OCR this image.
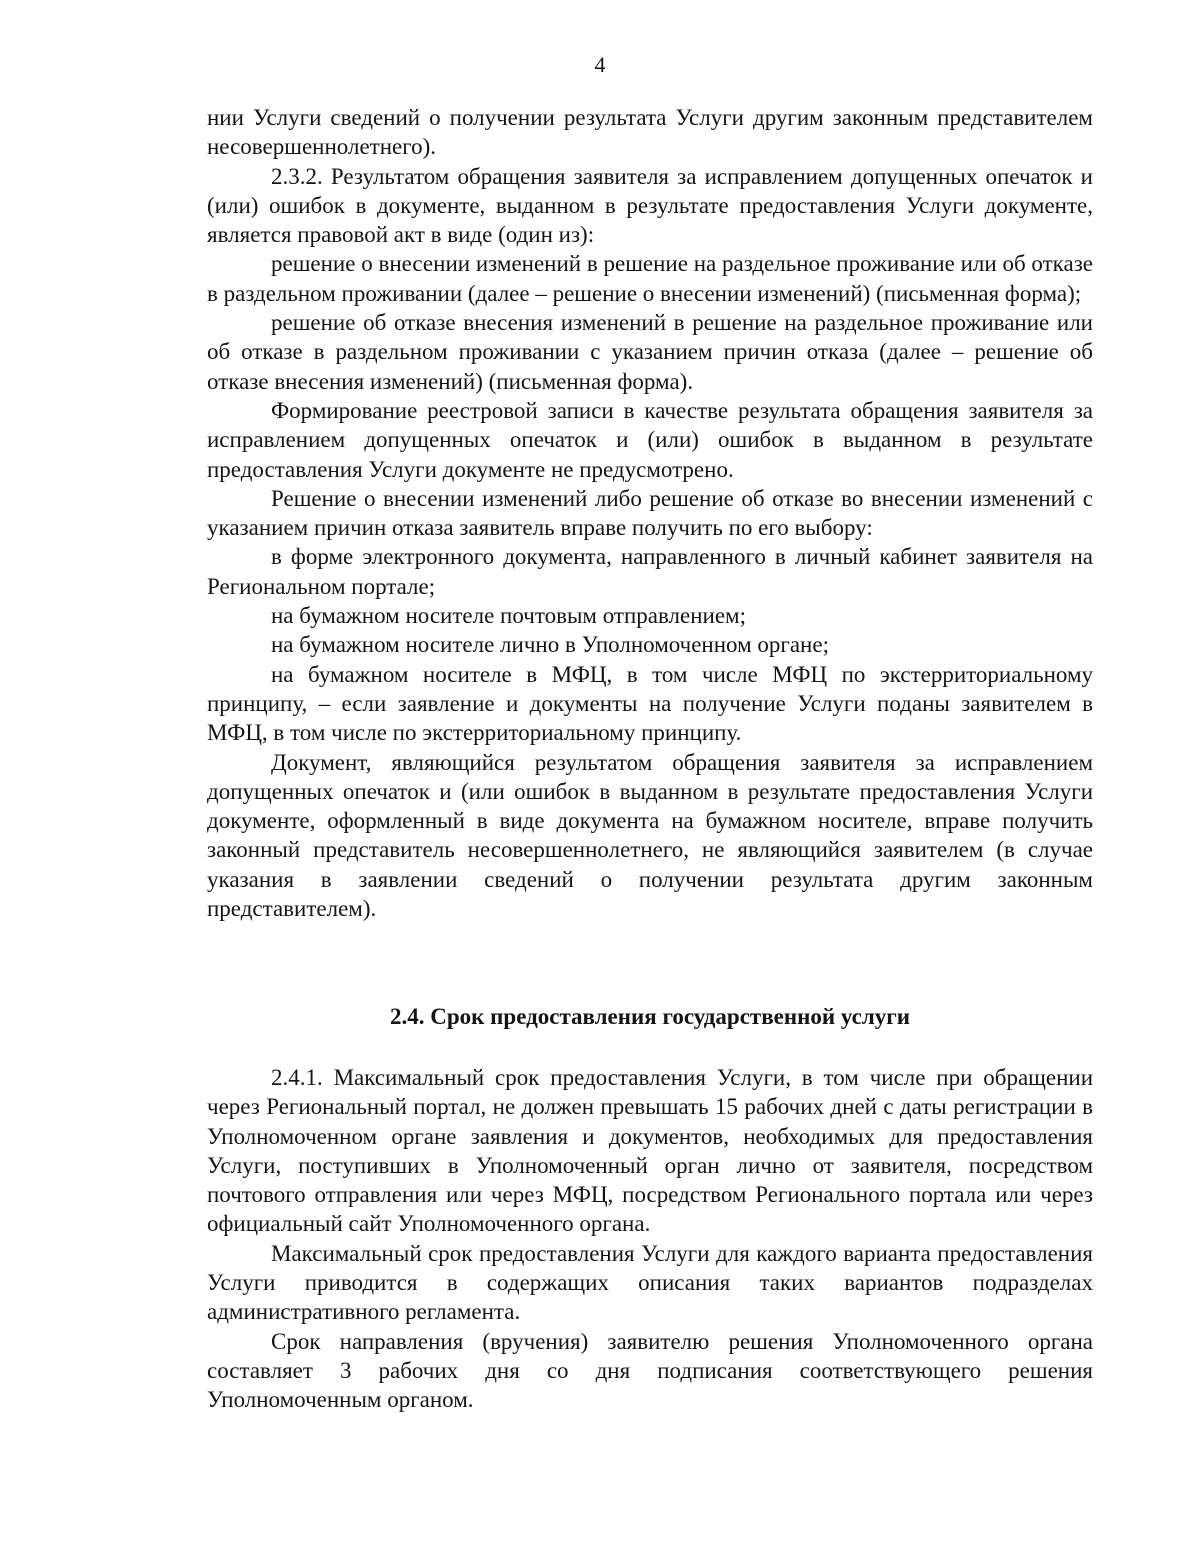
4

нии Услуги сведений о получении результата Услуги другим законным представителем несовершеннолетнего).

2.3.2. Результатом обращения заявителя за исправлением допущенных опечаток и (или) ошибок в документе, выданном в результате предоставления Услуги документе, является правовой акт в виде (один из):

решение о внесении изменений в решение на раздельное проживание или об отказе в раздельном проживании (далее – решение о внесении изменений) (письменная форма);

решение об отказе внесения изменений в решение на раздельное проживание или об отказе в раздельном проживании с указанием причин отказа (далее – решение об отказе внесения изменений) (письменная форма).

Формирование реестровой записи в качестве результата обращения заявителя за исправлением допущенных опечаток и (или) ошибок в выданном в результате предоставления Услуги документе не предусмотрено.

Решение о внесении изменений либо решение об отказе во внесении изменений с указанием причин отказа заявитель вправе получить по его выбору:

в форме электронного документа, направленного в личный кабинет заявителя на Региональном портале;

на бумажном носителе почтовым отправлением;

на бумажном носителе лично в Уполномоченном органе;

на бумажном носителе в МФЦ, в том числе МФЦ по экстерриториальному принципу, – если заявление и документы на получение Услуги поданы заявителем в МФЦ, в том числе по экстерриториальному принципу.

Документ, являющийся результатом обращения заявителя за исправлением допущенных опечаток и (или ошибок в выданном в результате предоставления Услуги документе, оформленный в виде документа на бумажном носителе, вправе получить законный представитель несовершеннолетнего, не являющийся заявителем (в случае указания в заявлении сведений о получении результата другим законным представителем).

2.4. Срок предоставления государственной услуги

2.4.1. Максимальный срок предоставления Услуги, в том числе при обращении через Региональный портал, не должен превышать 15 рабочих дней с даты регистрации в Уполномоченном органе заявления и документов, необходимых для предоставления Услуги, поступивших в Уполномоченный орган лично от заявителя, посредством почтового отправления или через МФЦ, посредством Регионального портала или через официальный сайт Уполномоченного органа.

Максимальный срок предоставления Услуги для каждого варианта предоставления Услуги приводится в содержащих описания таких вариантов подразделах административного регламента.

Срок направления (вручения) заявителю решения Уполномоченного органа составляет 3 рабочих дня со дня подписания соответствующего решения Уполномоченным органом.
